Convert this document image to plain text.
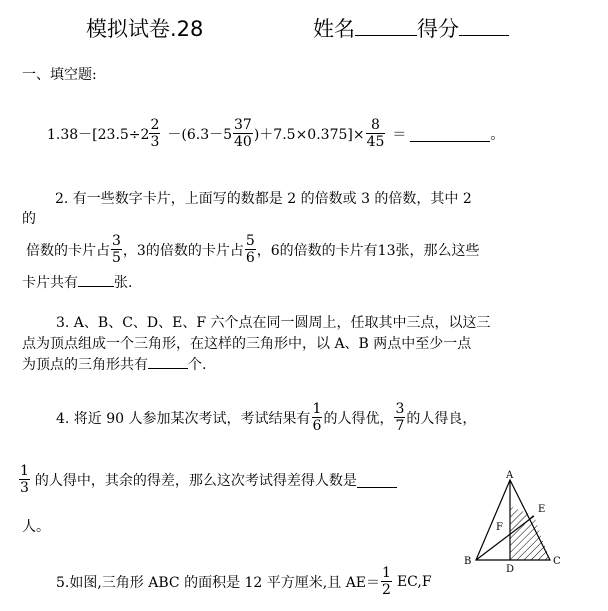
模拟试卷.28	姓名	得分
一、填空题:
$1.38-[23.5\div 2 \frac{2}{3} -(6.3-5 \frac{37}{40} )+7.5\times 0.375]\times \frac{8}{45}$ ＝	。
2. 有一些数字卡片，上面写的数都是 2 的倍数或 3 的倍数，其中 2
的
倍数的卡片占 $\frac{3}{5}$ ，3的倍数的卡片占 $\frac{5}{6}$ ，6的倍数的卡片有13张，那么这些
卡片共有	张.
3. A、B、C、D、E、F 六个点在同一圆周上，任取其中三点，以这三
点为顶点组成一个三角形，在这样的三角形中，以 A、B 两点中至少一点
为顶点的三角形共有	个.
4. 将近 90 人参加某次考试，考试结果有 $\frac{1}{6}$ 的人得优， $\frac{3}{7}$ 的人得良，
$\frac{1}{3}$ 的人得中，其余的得差，那么这次考试得差得人数是
人。
5.如图,三角形 ABC 的面积是 12 平方厘米,且 $AE= \frac{1}{2} EC,F$
A
B	C
D
E
F
